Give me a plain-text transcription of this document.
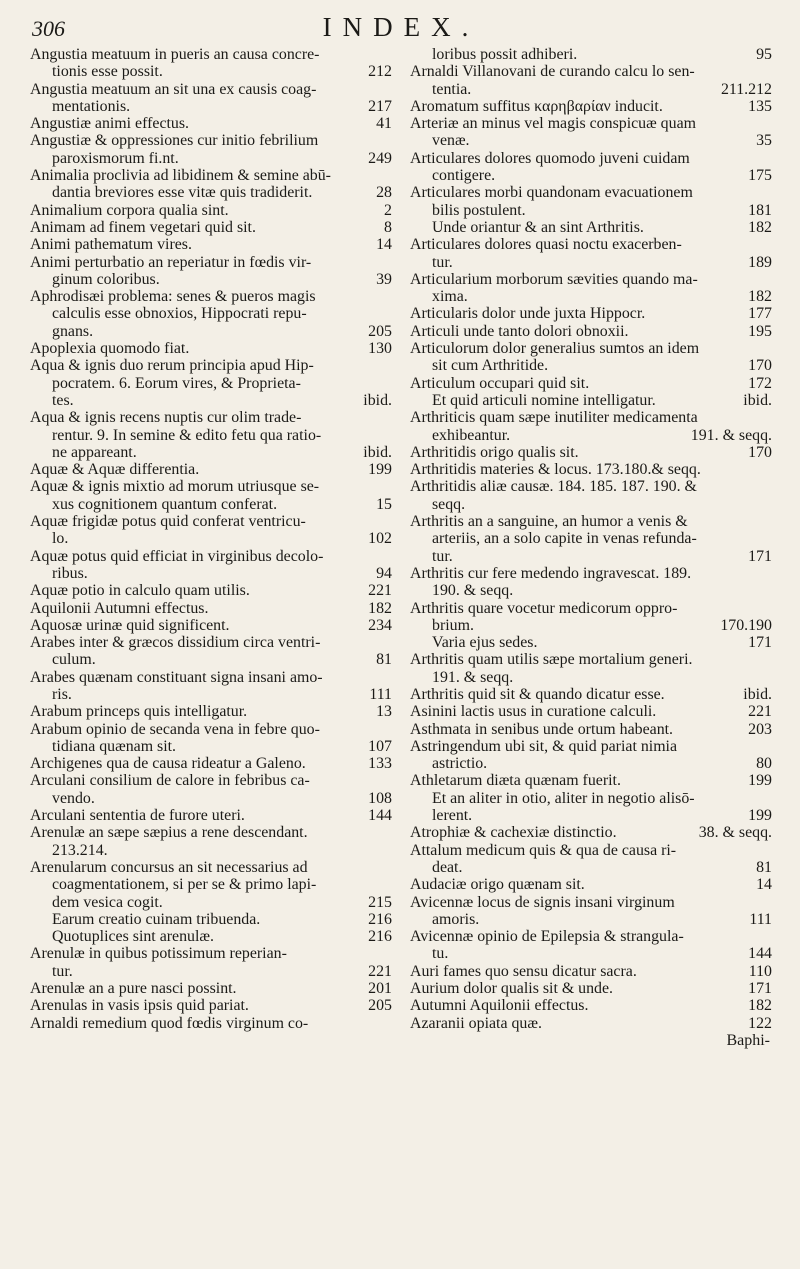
306	INDEX.
Angustia meatuum in pueris an causa concre-
tionis esse possit.	212
Angustia meatuum an sit una ex causis coag-
mentationis.	217
Angustiæ animi effectus.	41
Angustiæ & oppressiones cur initio febrilium
paroxismorum fi.nt.	249
Animalia proclivia ad libidinem & semine abū-
dantia breviores esse vitæ quis tradiderit.	28
Animalium corpora qualia sint.	2
Animam ad finem vegetari quid sit.	8
Animi pathematum vires.	14
Animi perturbatio an reperiatur in fœdis vir-
ginum coloribus.	39
Aphrodisæi problema: senes & pueros magis
calculis esse obnoxios, Hippocrati repu-
gnans.	205
Apoplexia quomodo fiat.	130
Aqua & ignis duo rerum principia apud Hip-
pocratem. 6. Eorum vires, & Proprieta-
tes.	ibid.
Aqua & ignis recens nuptis cur olim trade-
rentur. 9. In semine & edito fetu qua ratio-
ne appareant.	ibid.
Aquæ & Aquæ differentia.	199
Aquæ & ignis mixtio ad morum utriusque se-
xus cognitionem quantum conferat.	15
Aquæ frigidæ potus quid conferat ventricu-
lo.	102
Aquæ potus quid efficiat in virginibus decolo-
ribus.	94
Aquæ potio in calculo quam utilis.	221
Aquilonii Autumni effectus.	182
Aquosæ urinæ quid significent.	234
Arabes inter & græcos dissidium circa ventri-
culum.	81
Arabes quænam constituant signa insani amo-
ris.	111
Arabum princeps quis intelligatur.	13
Arabum opinio de secanda vena in febre quo-
tidiana quænam sit.	107
Archigenes qua de causa rideatur a Galeno.	133
Arculani consilium de calore in febribus ca-
vendo.	108
Arculani sententia de furore uteri.	144
Arenulæ an sæpe sæpius a rene descendant.
213.214.
Arenularum concursus an sit necessarius ad
coagmentationem, si per se & primo lapi-
dem vesica cogit.	215
Earum creatio cuinam tribuenda.	216
Quotuplices sint arenulæ.	216
Arenulæ in quibus potissimum reperian-
tur.	221
Arenulæ an a pure nasci possint.	201
Arenulas in vasis ipsis quid pariat.	205
Arnaldi remedium quod fœdis virginum co-
loribus possit adhiberi.	95
Arnaldi Villanovani de curando calcu lo sen-
tentia.	211.212
Aromatum suffitus καρηβαρίαν inducit.	135
Arteriæ an minus vel magis conspicuæ quam
venæ.	35
Articulares dolores quomodo juveni cuidam
contigere.	175
Articulares morbi quandonam evacuationem
bilis postulent.	181
Unde oriantur & an sint Arthritis.	182
Articulares dolores quasi noctu exacerben-
tur.	189
Articularium morborum sævities quando ma-
xima.	182
Articularis dolor unde juxta Hippocr.	177
Articuli unde tanto dolori obnoxii.	195
Articulorum dolor generalius sumtos an idem
sit cum Arthritide.	170
Articulum occupari quid sit.	172
Et quid articuli nomine intelligatur.	ibid.
Arthriticis quam sæpe inutiliter medicamenta
exhibeantur.	191. & seqq.
Arthritidis origo qualis sit.	170
Arthritidis materies & locus. 173.180.& seqq.
Arthritidis aliæ causæ. 184. 185. 187. 190. &
seqq.
Arthritis an a sanguine, an humor a venis &
arteriis, an a solo capite in venas refunda-
tur.	171
Arthritis cur fere medendo ingravescat. 189.
190. & seqq.
Arthritis quare vocetur medicorum oppro-
brium.	170.190
Varia ejus sedes.	171
Arthritis quam utilis sæpe mortalium generi.
191. & seqq.
Arthritis quid sit & quando dicatur esse.	ibid.
Asinini lactis usus in curatione calculi.	221
Asthmata in senibus unde ortum habeant.	203
Astringendum ubi sit, & quid pariat nimia
astrictio.	80
Athletarum diæta quænam fuerit.	199
Et an aliter in otio, aliter in negotio alisō-
lerent.	199
Atrophiæ & cachexiæ distinctio.	38. & seqq.
Attalum medicum quis & qua de causa ri-
deat.	81
Audaciæ origo quænam sit.	14
Avicennæ locus de signis insani virginum
amoris.	111
Avicennæ opinio de Epilepsia & strangula-
tu.	144
Auri fames quo sensu dicatur sacra.	110
Aurium dolor qualis sit & unde.	171
Autumni Aquilonii effectus.	182
Azaranii opiata quæ.	122
Baphi-
